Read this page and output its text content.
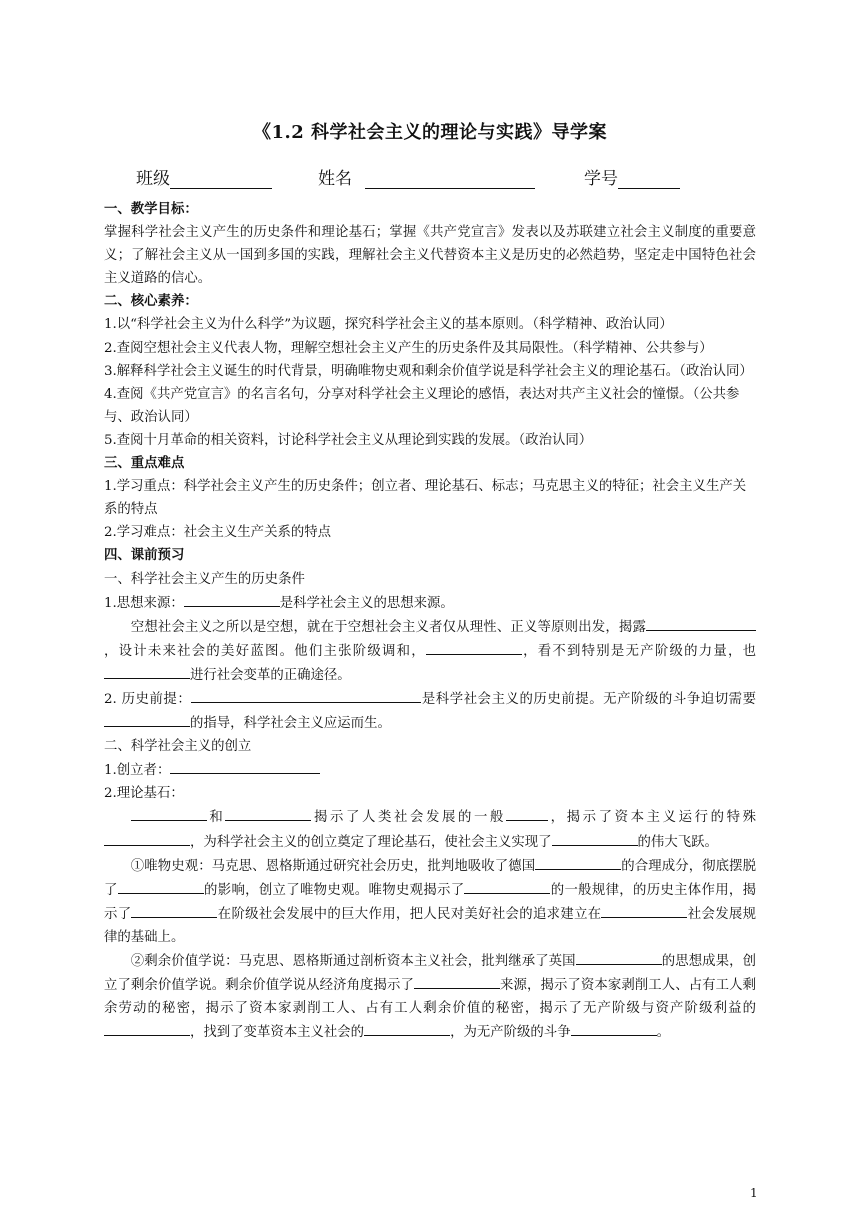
《1.2 科学社会主义的理论与实践》导学案
班级	姓名	学号

一、教学目标：

掌握科学社会主义产生的历史条件和理论基石；掌握《共产党宣言》发表以及苏联建立社会主义制度的重要意义；了解社会主义从一国到多国的实践，理解社会主义代替资本主义是历史的必然趋势，坚定走中国特色社会主义道路的信心。

二、核心素养：

1.以“科学社会主义为什么科学”为议题，探究科学社会主义的基本原则。（科学精神、政治认同）

2.查阅空想社会主义代表人物，理解空想社会主义产生的历史条件及其局限性。（科学精神、公共参与）

3.解释科学社会主义诞生的时代背景，明确唯物史观和剩余价值学说是科学社会主义的理论基石。（政治认同）

4.查阅《共产党宣言》的名言名句，分享对科学社会主义理论的感悟，表达对共产主义社会的憧憬。（公共参与、政治认同）

5.查阅十月革命的相关资料，讨论科学社会主义从理论到实践的发展。（政治认同）

三、重点难点

1.学习重点：科学社会主义产生的历史条件；创立者、理论基石、标志；马克思主义的特征；社会主义生产关系的特点

2.学习难点：社会主义生产关系的特点

四、课前预习

一、科学社会主义产生的历史条件

1.思想来源：	是科学社会主义的思想来源。

空想社会主义之所以是空想，就在于空想社会主义者仅从理性、正义等原则出发，揭露，设计未来社会的美好蓝图。他们主张阶级调和，	，看不到特别是无产阶级的力量，也进行社会变革的正确途径。

2. 历史前提：	是科学社会主义的历史前提。无产阶级的斗争迫切需要的指导，科学社会主义应运而生。

二、科学社会主义的创立

1.创立者：

2.理论基石：

和	揭示了人类社会发展的一般	，揭示了资本主义运行的特殊，为科学社会主义的创立奠定了理论基石，使社会主义实现了	的伟大飞跃。

①唯物史观：马克思、恩格斯通过研究社会历史，批判地吸收了德国	的合理成分，彻底摆脱了	的影响，创立了唯物史观。唯物史观揭示了	的一般规律，的历史主体作用，揭示了	在阶级社会发展中的巨大作用，把人民对美好社会的追求建立在	社会发展规律的基础上。

②剩余价值学说：马克思、恩格斯通过剖析资本主义社会，批判继承了英国	的思想成果，创立了剩余价值学说。剩余价值学说从经济角度揭示了	来源，揭示了资本家剥削工人、占有工人剩余劳动的秘密，揭示了资本家剥削工人、占有工人剩余价值的秘密，揭示了无产阶级与资产阶级利益的，找到了变革资本主义社会的	，为无产阶级的斗争	。

1
